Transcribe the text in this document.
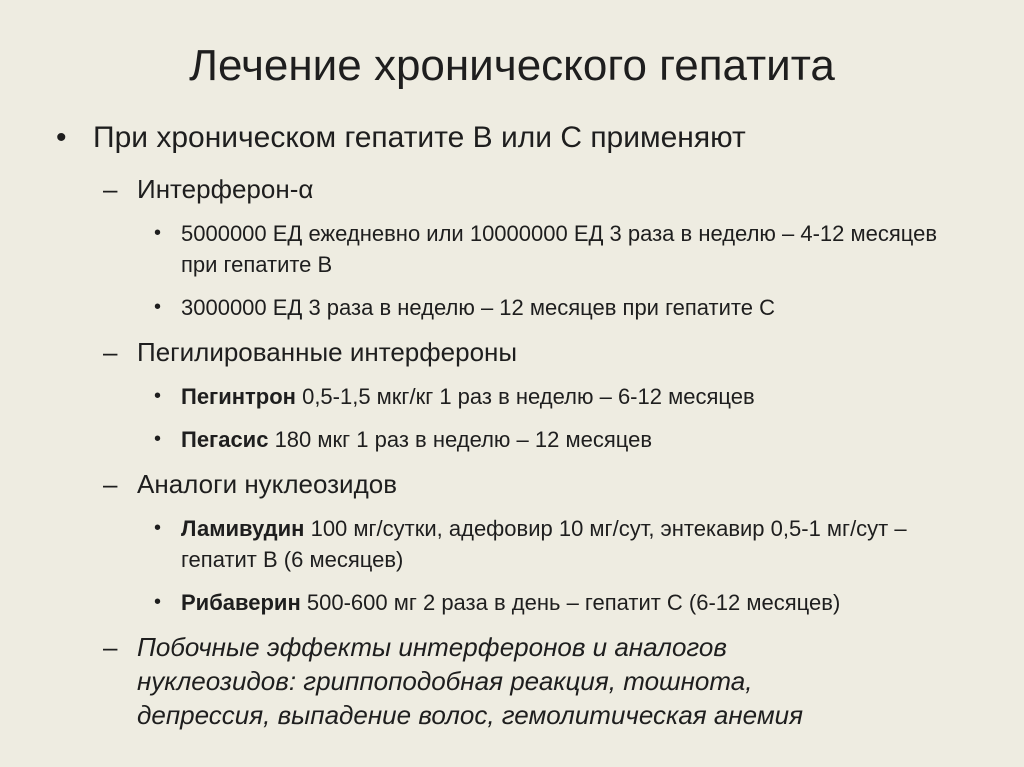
Лечение хронического гепатита
• При хроническом гепатите В или С применяют
– Интерферон-α
• 5000000 ЕД ежедневно или 10000000 ЕД 3 раза в неделю – 4-12 месяцев при гепатите В
• 3000000 ЕД 3 раза в неделю – 12 месяцев при гепатите С
– Пегилированные интерфероны
• Пегинтрон 0,5-1,5 мкг/кг 1 раз в неделю – 6-12 месяцев
• Пегасис 180 мкг 1 раз в неделю – 12 месяцев
– Аналоги нуклеозидов
• Ламивудин 100 мг/сутки, адефовир 10 мг/сут, энтекавир 0,5-1 мг/сут – гепатит В (6 месяцев)
• Рибаверин 500-600 мг 2 раза в день – гепатит С (6-12 месяцев)
– Побочные эффекты интерферонов и аналогов нуклеозидов: гриппоподобная реакция, тошнота, депрессия, выпадение волос, гемолитическая анемия
